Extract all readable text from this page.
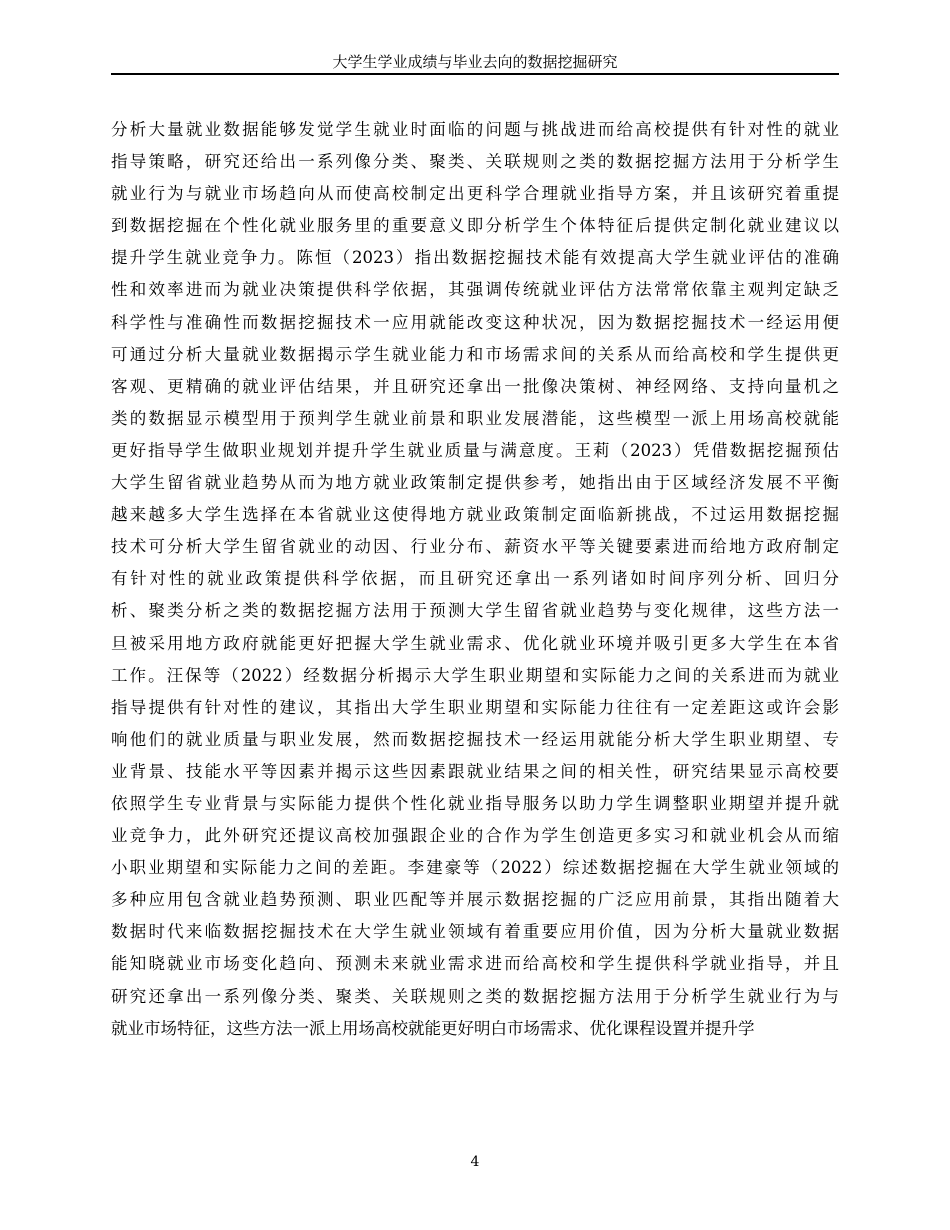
大学生学业成绩与毕业去向的数据挖掘研究
分析大量就业数据能够发觉学生就业时面临的问题与挑战进而给高校提供有针对性的就业
指导策略，研究还给出一系列像分类、聚类、关联规则之类的数据挖掘方法用于分析学生
就业行为与就业市场趋向从而使高校制定出更科学合理就业指导方案，并且该研究着重提
到数据挖掘在个性化就业服务里的重要意义即分析学生个体特征后提供定制化就业建议以
提升学生就业竞争力。陈恒（2023）指出数据挖掘技术能有效提高大学生就业评估的准确
性和效率进而为就业决策提供科学依据，其强调传统就业评估方法常常依靠主观判定缺乏
科学性与准确性而数据挖掘技术一应用就能改变这种状况，因为数据挖掘技术一经运用便
可通过分析大量就业数据揭示学生就业能力和市场需求间的关系从而给高校和学生提供更
客观、更精确的就业评估结果，并且研究还拿出一批像决策树、神经网络、支持向量机之
类的数据显示模型用于预判学生就业前景和职业发展潜能，这些模型一派上用场高校就能
更好指导学生做职业规划并提升学生就业质量与满意度。王莉（2023）凭借数据挖掘预估
大学生留省就业趋势从而为地方就业政策制定提供参考，她指出由于区域经济发展不平衡
越来越多大学生选择在本省就业这使得地方就业政策制定面临新挑战，不过运用数据挖掘
技术可分析大学生留省就业的动因、行业分布、薪资水平等关键要素进而给地方政府制定
有针对性的就业政策提供科学依据，而且研究还拿出一系列诸如时间序列分析、回归分
析、聚类分析之类的数据挖掘方法用于预测大学生留省就业趋势与变化规律，这些方法一
旦被采用地方政府就能更好把握大学生就业需求、优化就业环境并吸引更多大学生在本省
工作。汪保等（2022）经数据分析揭示大学生职业期望和实际能力之间的关系进而为就业
指导提供有针对性的建议，其指出大学生职业期望和实际能力往往有一定差距这或许会影
响他们的就业质量与职业发展，然而数据挖掘技术一经运用就能分析大学生职业期望、专
业背景、技能水平等因素并揭示这些因素跟就业结果之间的相关性，研究结果显示高校要
依照学生专业背景与实际能力提供个性化就业指导服务以助力学生调整职业期望并提升就
业竞争力，此外研究还提议高校加强跟企业的合作为学生创造更多实习和就业机会从而缩
小职业期望和实际能力之间的差距。李建豪等（2022）综述数据挖掘在大学生就业领域的
多种应用包含就业趋势预测、职业匹配等并展示数据挖掘的广泛应用前景，其指出随着大
数据时代来临数据挖掘技术在大学生就业领域有着重要应用价值，因为分析大量就业数据
能知晓就业市场变化趋向、预测未来就业需求进而给高校和学生提供科学就业指导，并且
研究还拿出一系列像分类、聚类、关联规则之类的数据挖掘方法用于分析学生就业行为与
就业市场特征，这些方法一派上用场高校就能更好明白市场需求、优化课程设置并提升学
4
